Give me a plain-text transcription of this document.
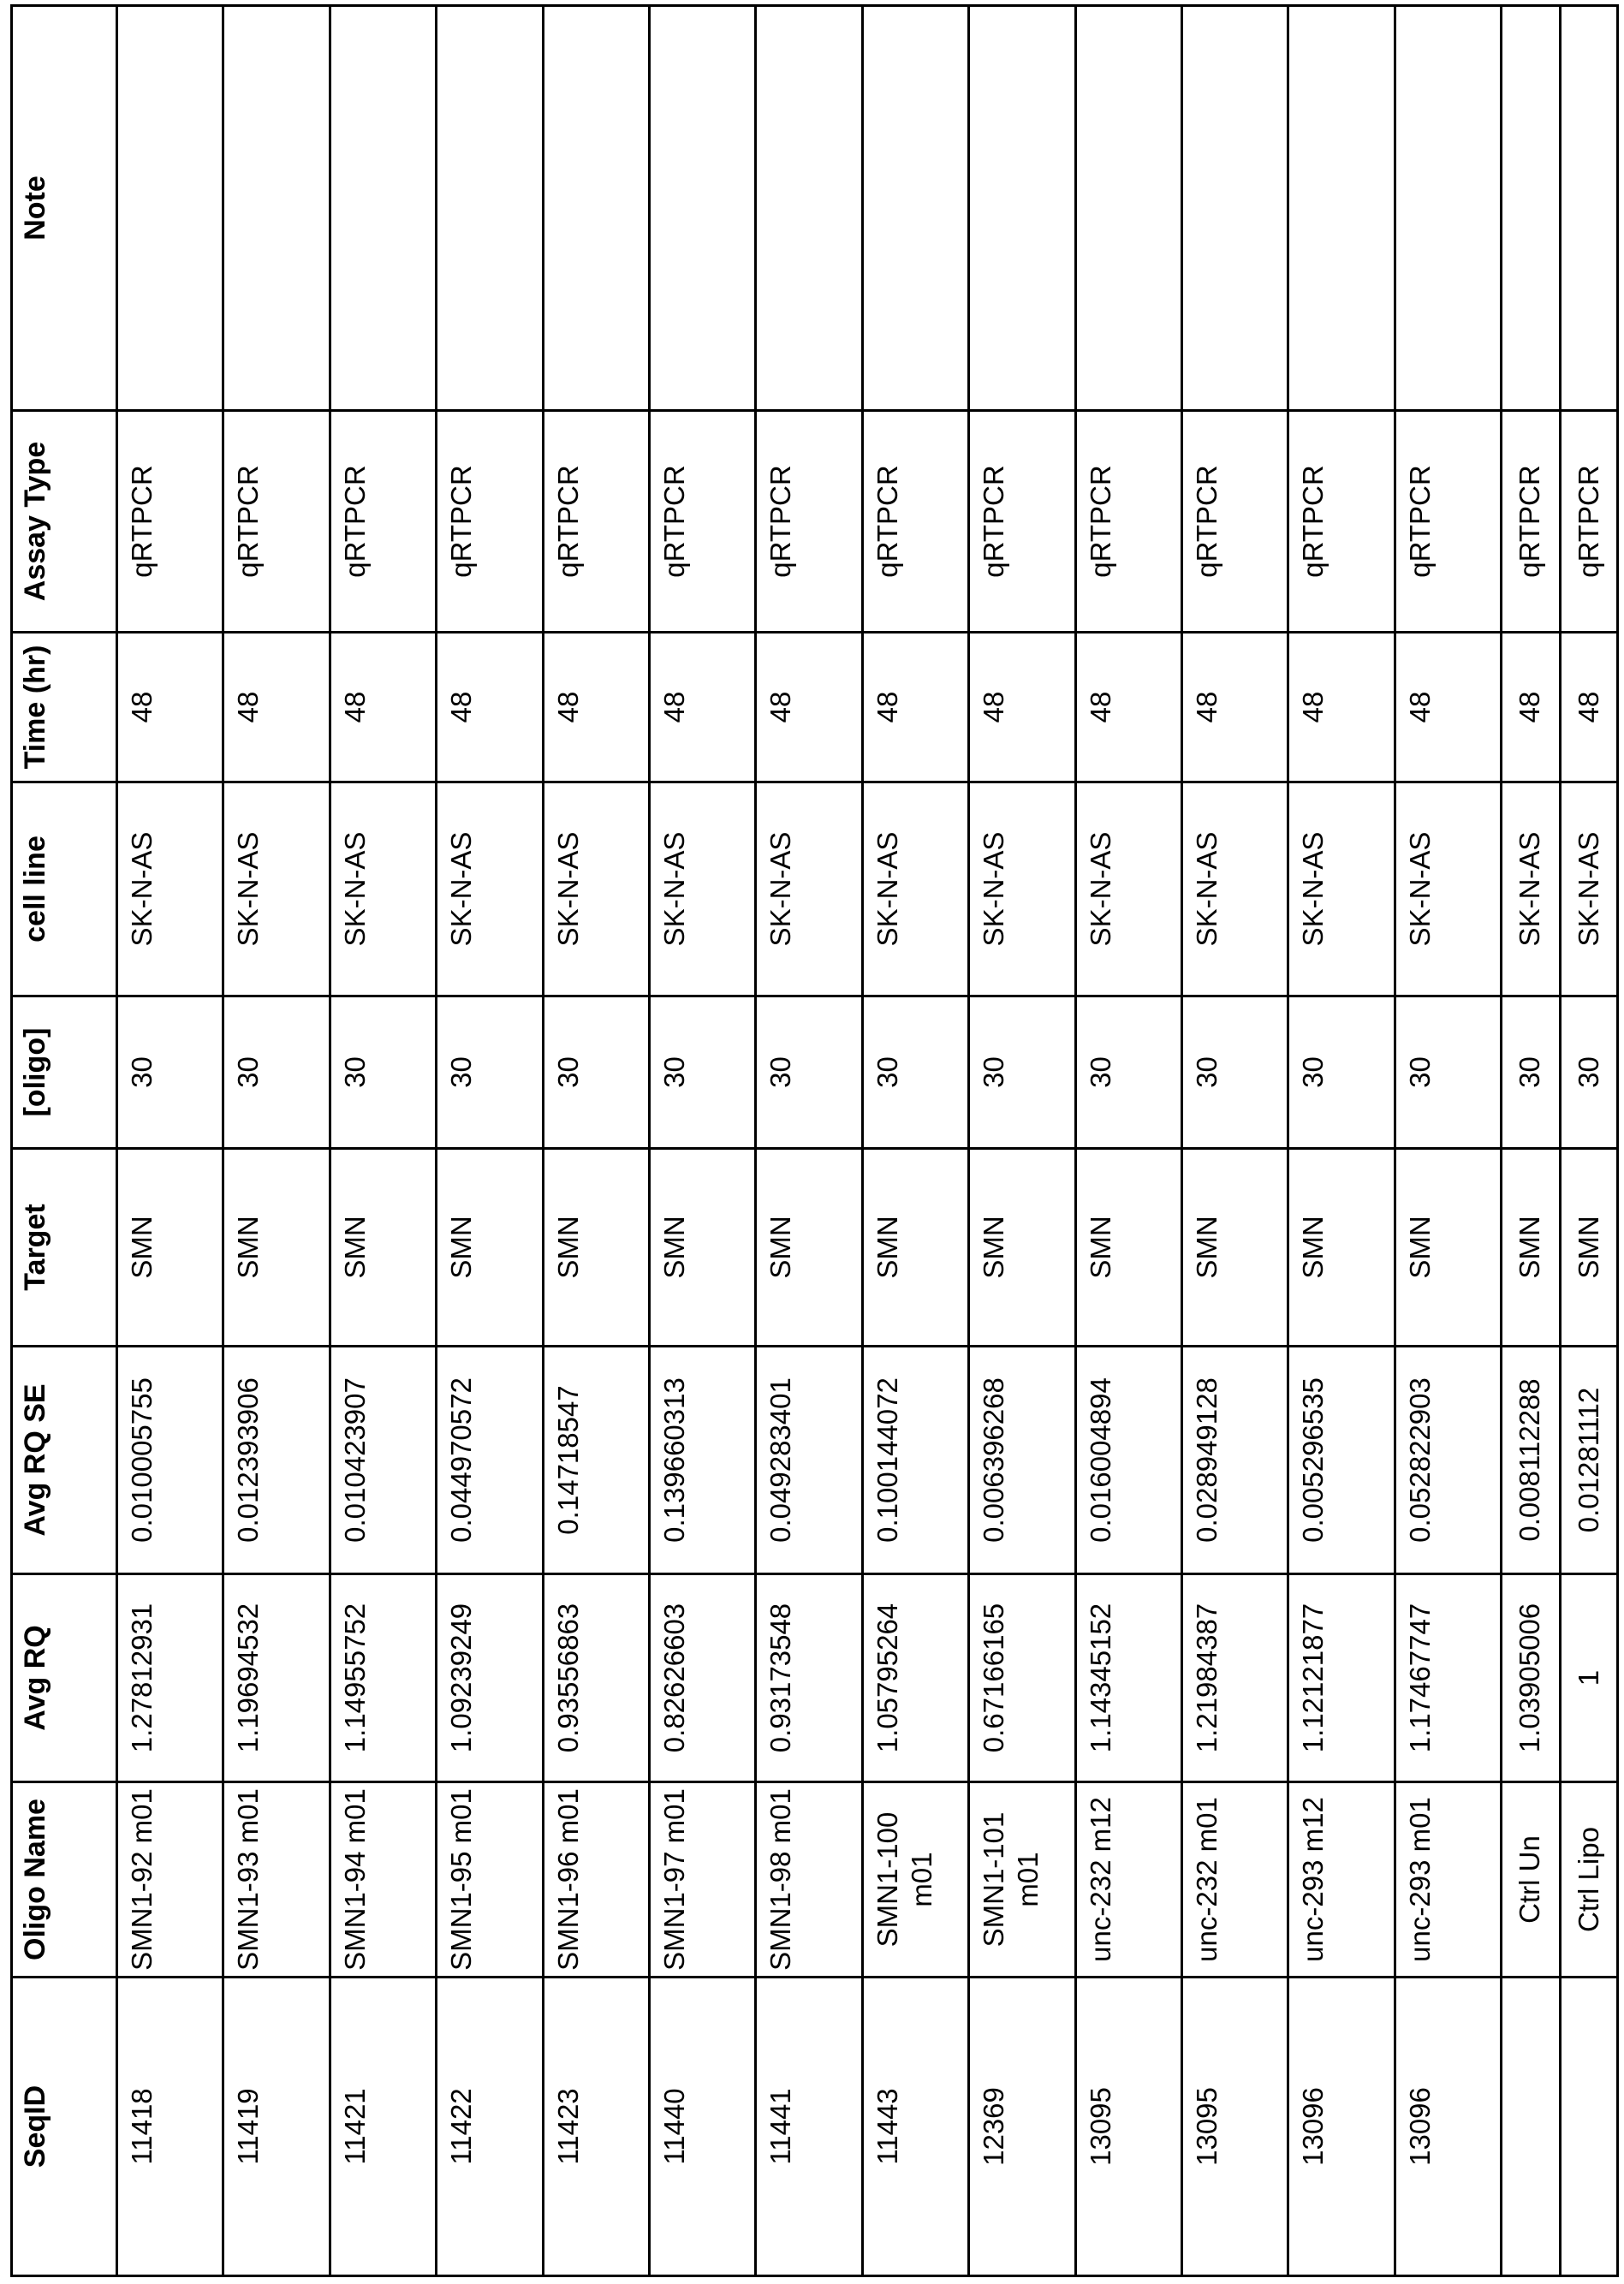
SeqID	Oligo Name	Avg RQ	Avg RQ SE	Target	[oligo]	cell line	Time (hr)	Assay Type	Note
11418	SMN1-92 m01	1.27812931	0.010005755	SMN	30	SK-N-AS	48	qRTPCR	
11419	SMN1-93 m01	1.19694532	0.012393906	SMN	30	SK-N-AS	48	qRTPCR	
11421	SMN1-94 m01	1.14955752	0.010423907	SMN	30	SK-N-AS	48	qRTPCR	
11422	SMN1-95 m01	1.09239249	0.044970572	SMN	30	SK-N-AS	48	qRTPCR	
11423	SMN1-96 m01	0.93556863	0.14718547	SMN	30	SK-N-AS	48	qRTPCR	
11440	SMN1-97 m01	0.82626603	0.139660313	SMN	30	SK-N-AS	48	qRTPCR	
11441	SMN1-98 m01	0.93173548	0.049283401	SMN	30	SK-N-AS	48	qRTPCR	
11443	SMN1-100 m01	1.05795264	0.100144072	SMN	30	SK-N-AS	48	qRTPCR	
12369	SMN1-101 m01	0.67166165	0.006396268	SMN	30	SK-N-AS	48	qRTPCR	
13095	unc-232 m12	1.14345152	0.016004894	SMN	30	SK-N-AS	48	qRTPCR	
13095	unc-232 m01	1.21984387	0.028949128	SMN	30	SK-N-AS	48	qRTPCR	
13096	unc-293 m12	1.12121877	0.005296535	SMN	30	SK-N-AS	48	qRTPCR	
13096	unc-293 m01	1.17467747	0.052822903	SMN	30	SK-N-AS	48	qRTPCR	
	Ctrl Un	1.03905006	0.008112288	SMN	30	SK-N-AS	48	qRTPCR	
	Ctrl Lipo	1	0.01281112	SMN	30	SK-N-AS	48	qRTPCR	
